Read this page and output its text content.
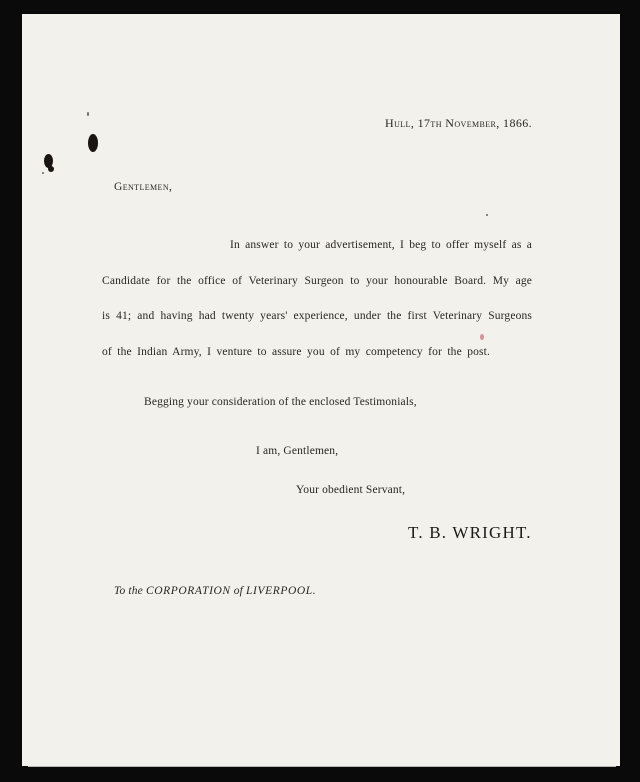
Hull, 17th November, 1866.
Gentlemen,
In answer to your advertisement, I beg to offer myself as a
Candidate for the office of Veterinary Surgeon to your honourable Board. My age
is 41; and having had twenty years' experience, under the first Veterinary Surgeons
of the Indian Army, I venture to assure you of my competency for the post.
Begging your consideration of the enclosed Testimonials,
I am, Gentlemen,
Your obedient Servant,
T. B. WRIGHT.
To the CORPORATION of LIVERPOOL.
